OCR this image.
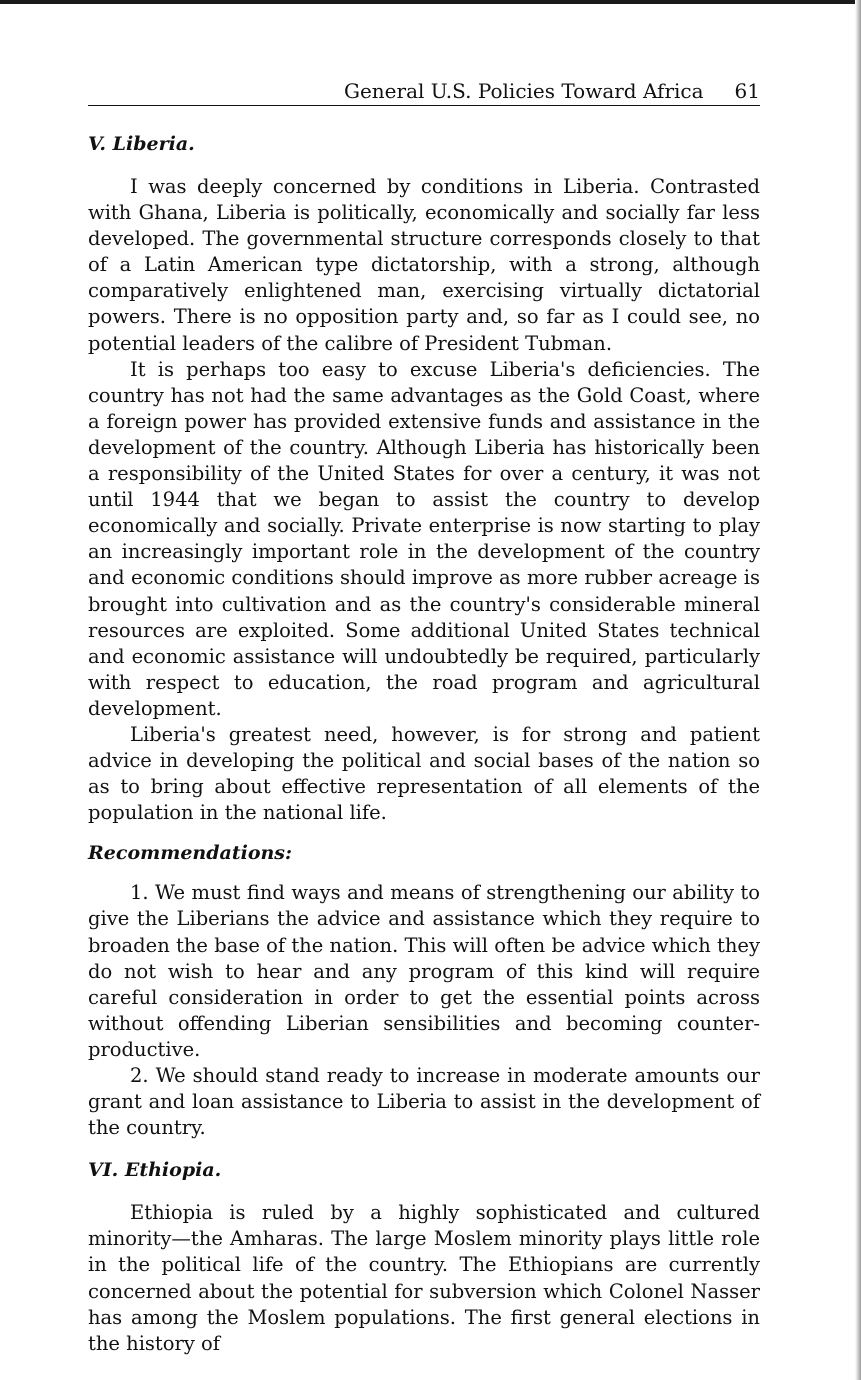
General U.S. Policies Toward Africa 61
V. Liberia.

I was deeply concerned by conditions in Liberia. Contrasted with Ghana, Liberia is politically, economically and socially far less developed. The governmental structure corresponds closely to that of a Latin American type dictatorship, with a strong, although comparatively enlightened man, exercising virtually dictatorial powers. There is no opposition party and, so far as I could see, no potential leaders of the calibre of President Tubman.

It is perhaps too easy to excuse Liberia's deficiencies. The country has not had the same advantages as the Gold Coast, where a foreign power has provided extensive funds and assistance in the development of the country. Although Liberia has historically been a responsibility of the United States for over a century, it was not until 1944 that we began to assist the country to develop economically and socially. Private enterprise is now starting to play an increasingly important role in the development of the country and economic conditions should improve as more rubber acreage is brought into cultivation and as the country's considerable mineral resources are exploited. Some additional United States technical and economic assistance will undoubtedly be required, particularly with respect to education, the road program and agricultural development.

Liberia's greatest need, however, is for strong and patient advice in developing the political and social bases of the nation so as to bring about effective representation of all elements of the population in the national life.

Recommendations:

1. We must find ways and means of strengthening our ability to give the Liberians the advice and assistance which they require to broaden the base of the nation. This will often be advice which they do not wish to hear and any program of this kind will require careful consideration in order to get the essential points across without offending Liberian sensibilities and becoming counter-productive.

2. We should stand ready to increase in moderate amounts our grant and loan assistance to Liberia to assist in the development of the country.

VI. Ethiopia.

Ethiopia is ruled by a highly sophisticated and cultured minority—the Amharas. The large Moslem minority plays little role in the political life of the country. The Ethiopians are currently concerned about the potential for subversion which Colonel Nasser has among the Moslem populations. The first general elections in the history of
